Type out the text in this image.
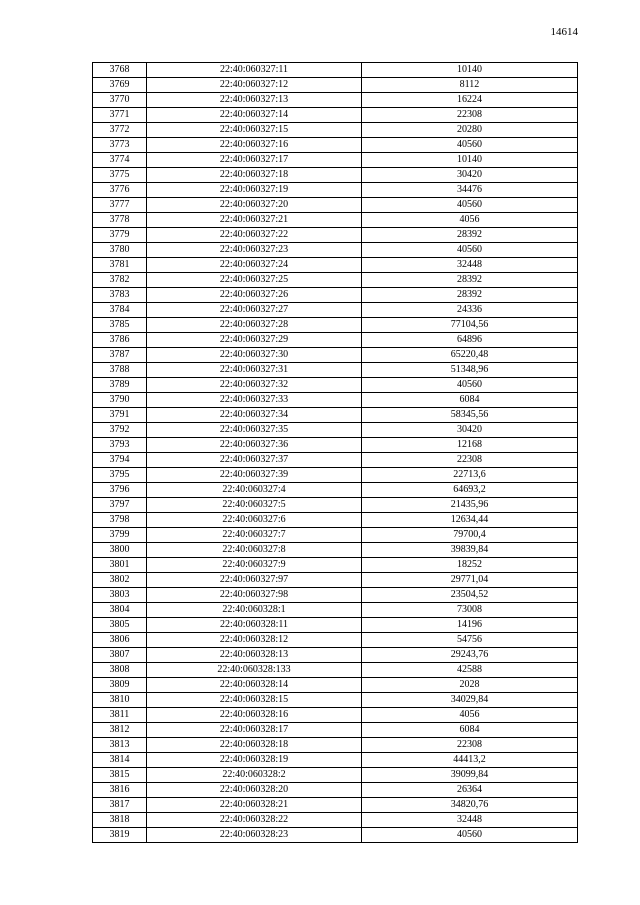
14614
3768	22:40:060327:11	10140
3769	22:40:060327:12	8112
3770	22:40:060327:13	16224
3771	22:40:060327:14	22308
3772	22:40:060327:15	20280
3773	22:40:060327:16	40560
3774	22:40:060327:17	10140
3775	22:40:060327:18	30420
3776	22:40:060327:19	34476
3777	22:40:060327:20	40560
3778	22:40:060327:21	4056
3779	22:40:060327:22	28392
3780	22:40:060327:23	40560
3781	22:40:060327:24	32448
3782	22:40:060327:25	28392
3783	22:40:060327:26	28392
3784	22:40:060327:27	24336
3785	22:40:060327:28	77104,56
3786	22:40:060327:29	64896
3787	22:40:060327:30	65220,48
3788	22:40:060327:31	51348,96
3789	22:40:060327:32	40560
3790	22:40:060327:33	6084
3791	22:40:060327:34	58345,56
3792	22:40:060327:35	30420
3793	22:40:060327:36	12168
3794	22:40:060327:37	22308
3795	22:40:060327:39	22713,6
3796	22:40:060327:4	64693,2
3797	22:40:060327:5	21435,96
3798	22:40:060327:6	12634,44
3799	22:40:060327:7	79700,4
3800	22:40:060327:8	39839,84
3801	22:40:060327:9	18252
3802	22:40:060327:97	29771,04
3803	22:40:060327:98	23504,52
3804	22:40:060328:1	73008
3805	22:40:060328:11	14196
3806	22:40:060328:12	54756
3807	22:40:060328:13	29243,76
3808	22:40:060328:133	42588
3809	22:40:060328:14	2028
3810	22:40:060328:15	34029,84
3811	22:40:060328:16	4056
3812	22:40:060328:17	6084
3813	22:40:060328:18	22308
3814	22:40:060328:19	44413,2
3815	22:40:060328:2	39099,84
3816	22:40:060328:20	26364
3817	22:40:060328:21	34820,76
3818	22:40:060328:22	32448
3819	22:40:060328:23	40560
